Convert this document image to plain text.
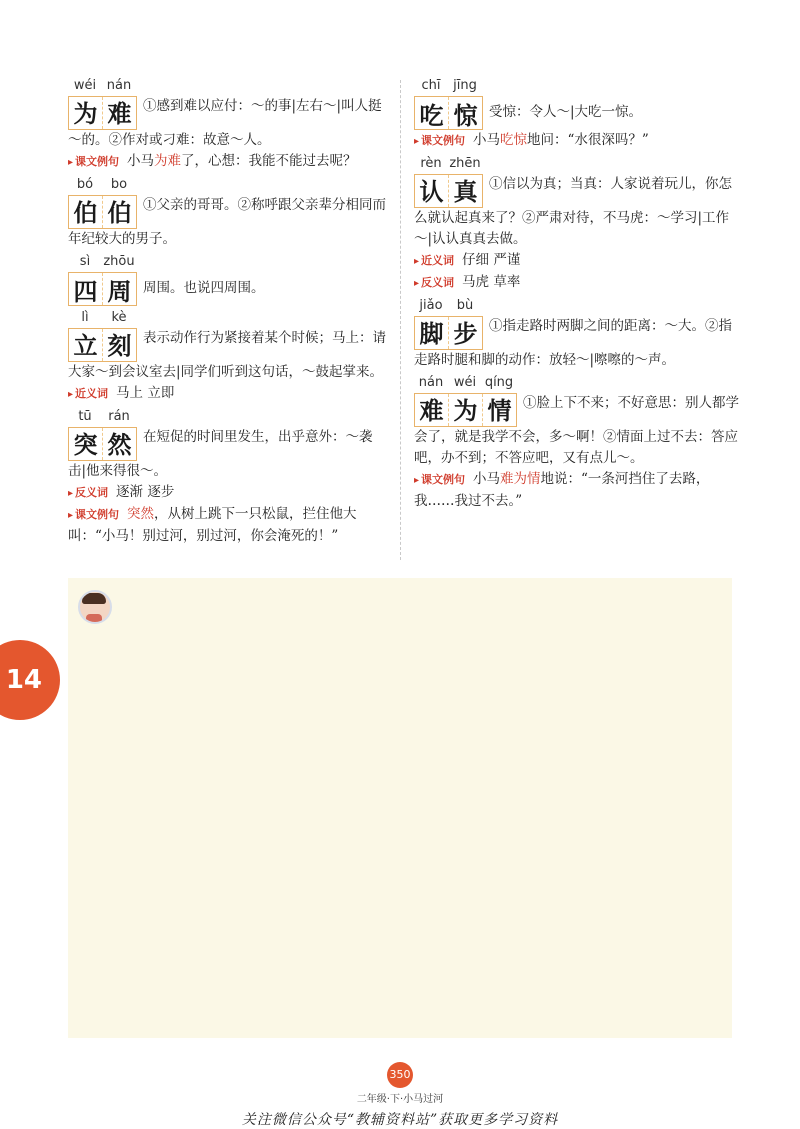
wéi nán
为 难 ①感到难以应付：～的事|左右～|叫人挺～的。②作对或刁难：故意～人。
▸ 课文例句 小马为难了，心想：我能不能过去呢？
bó	bo
伯 伯 ①父亲的哥哥。②称呼跟父亲辈分相同而年纪较大的男子。
sì	zhōu
四 周 周围。也说四周围。
lì	kè
立 刻 表示动作行为紧接着某个时候；马上：请大家～到会议室去|同学们听到这句话，～鼓起掌来。
▸ 近义词 马上 立即
tū	rán
突 然 在短促的时间里发生，出乎意外：～袭击|他来得很～。
▸ 反义词 逐渐 逐步
▸ 课文例句 突然，从树上跳下一只松鼠，拦住他大叫：“小马！别过河，别过河，你会淹死的！”
chī jīng
吃 惊 受惊：令人～|大吃一惊。
▸ 课文例句 小马吃惊地问：“水很深吗？”
rèn zhēn
认 真 ①信以为真；当真：人家说着玩儿，你怎么就认起真来了？②严肃对待，不马虎：～学习|工作～|认认真真去做。
▸ 近义词 仔细 严谨
▸ 反义词 马虎 草率
jiǎo	bù
脚 步 ①指走路时两脚之间的距离：～大。②指走路时腿和脚的动作：放轻～|嚓嚓的～声。
nán wéi qíng
难 为 情 ①脸上下不来；不好意思：别人都学会了，就是我学不会，多～啊！②情面上过不去：答应吧，办不到；不答应吧，又有点儿～。
▸ 课文例句 小马难为情地说：“一条河挡住了去路，我……我过不去。”
14
350
二年级·下·小马过河
关注微信公众号“教辅资料站”获取更多学习资料
